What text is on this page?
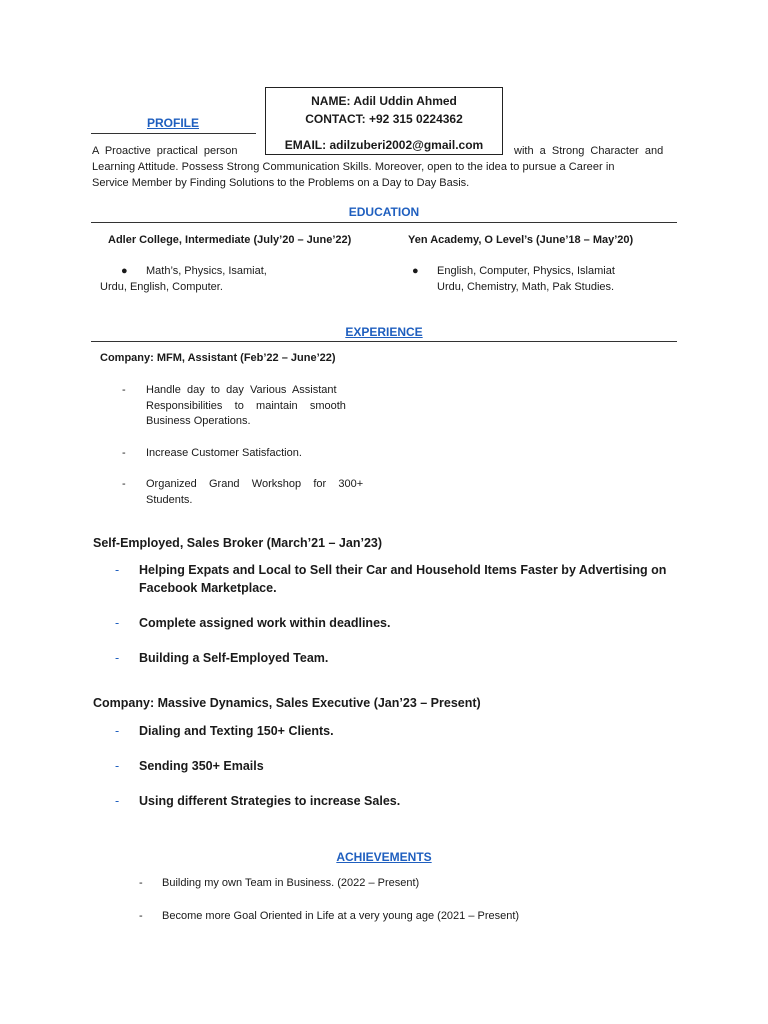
PROFILE
NAME: Adil Uddin Ahmed
CONTACT: +92 315 0224362
EMAIL: adilzuberi2002@gmail.com
A  Proactive  practical  person	with  a  Strong  Character  and
Learning Attitude. Possess Strong Communication Skills. Moreover, open to the idea to pursue a Career in
Service Member by Finding Solutions to the Problems on a Day to Day Basis.
EDUCATION
Adler College, Intermediate (July’20 – June’22)
● Math’s, Physics, Isamiat,
Urdu, English, Computer.
Yen Academy, O Level’s (June’18 – May’20)
● English, Computer, Physics, Islamiat
Urdu, Chemistry, Math, Pak Studies.
EXPERIENCE
Company: MFM, Assistant (Feb’22 – June’22)
- Handle  day  to  day  Various  Assistant
Responsibilities    to    maintain    smooth
Business Operations.
- Increase Customer Satisfaction.
- Organized    Grand    Workshop    for    300+
Students.
Self-Employed, Sales Broker (March’21 – Jan’23)
- Helping Expats and Local to Sell their Car and Household Items Faster by Advertising on
Facebook Marketplace.
- Complete assigned work within deadlines.
- Building a Self-Employed Team.
Company: Massive Dynamics, Sales Executive (Jan’23 – Present)
- Dialing and Texting 150+ Clients.
- Sending 350+ Emails
- Using different Strategies to increase Sales.
ACHIEVEMENTS
- Building my own Team in Business. (2022 – Present)
- Become more Goal Oriented in Life at a very young age (2021 – Present)
